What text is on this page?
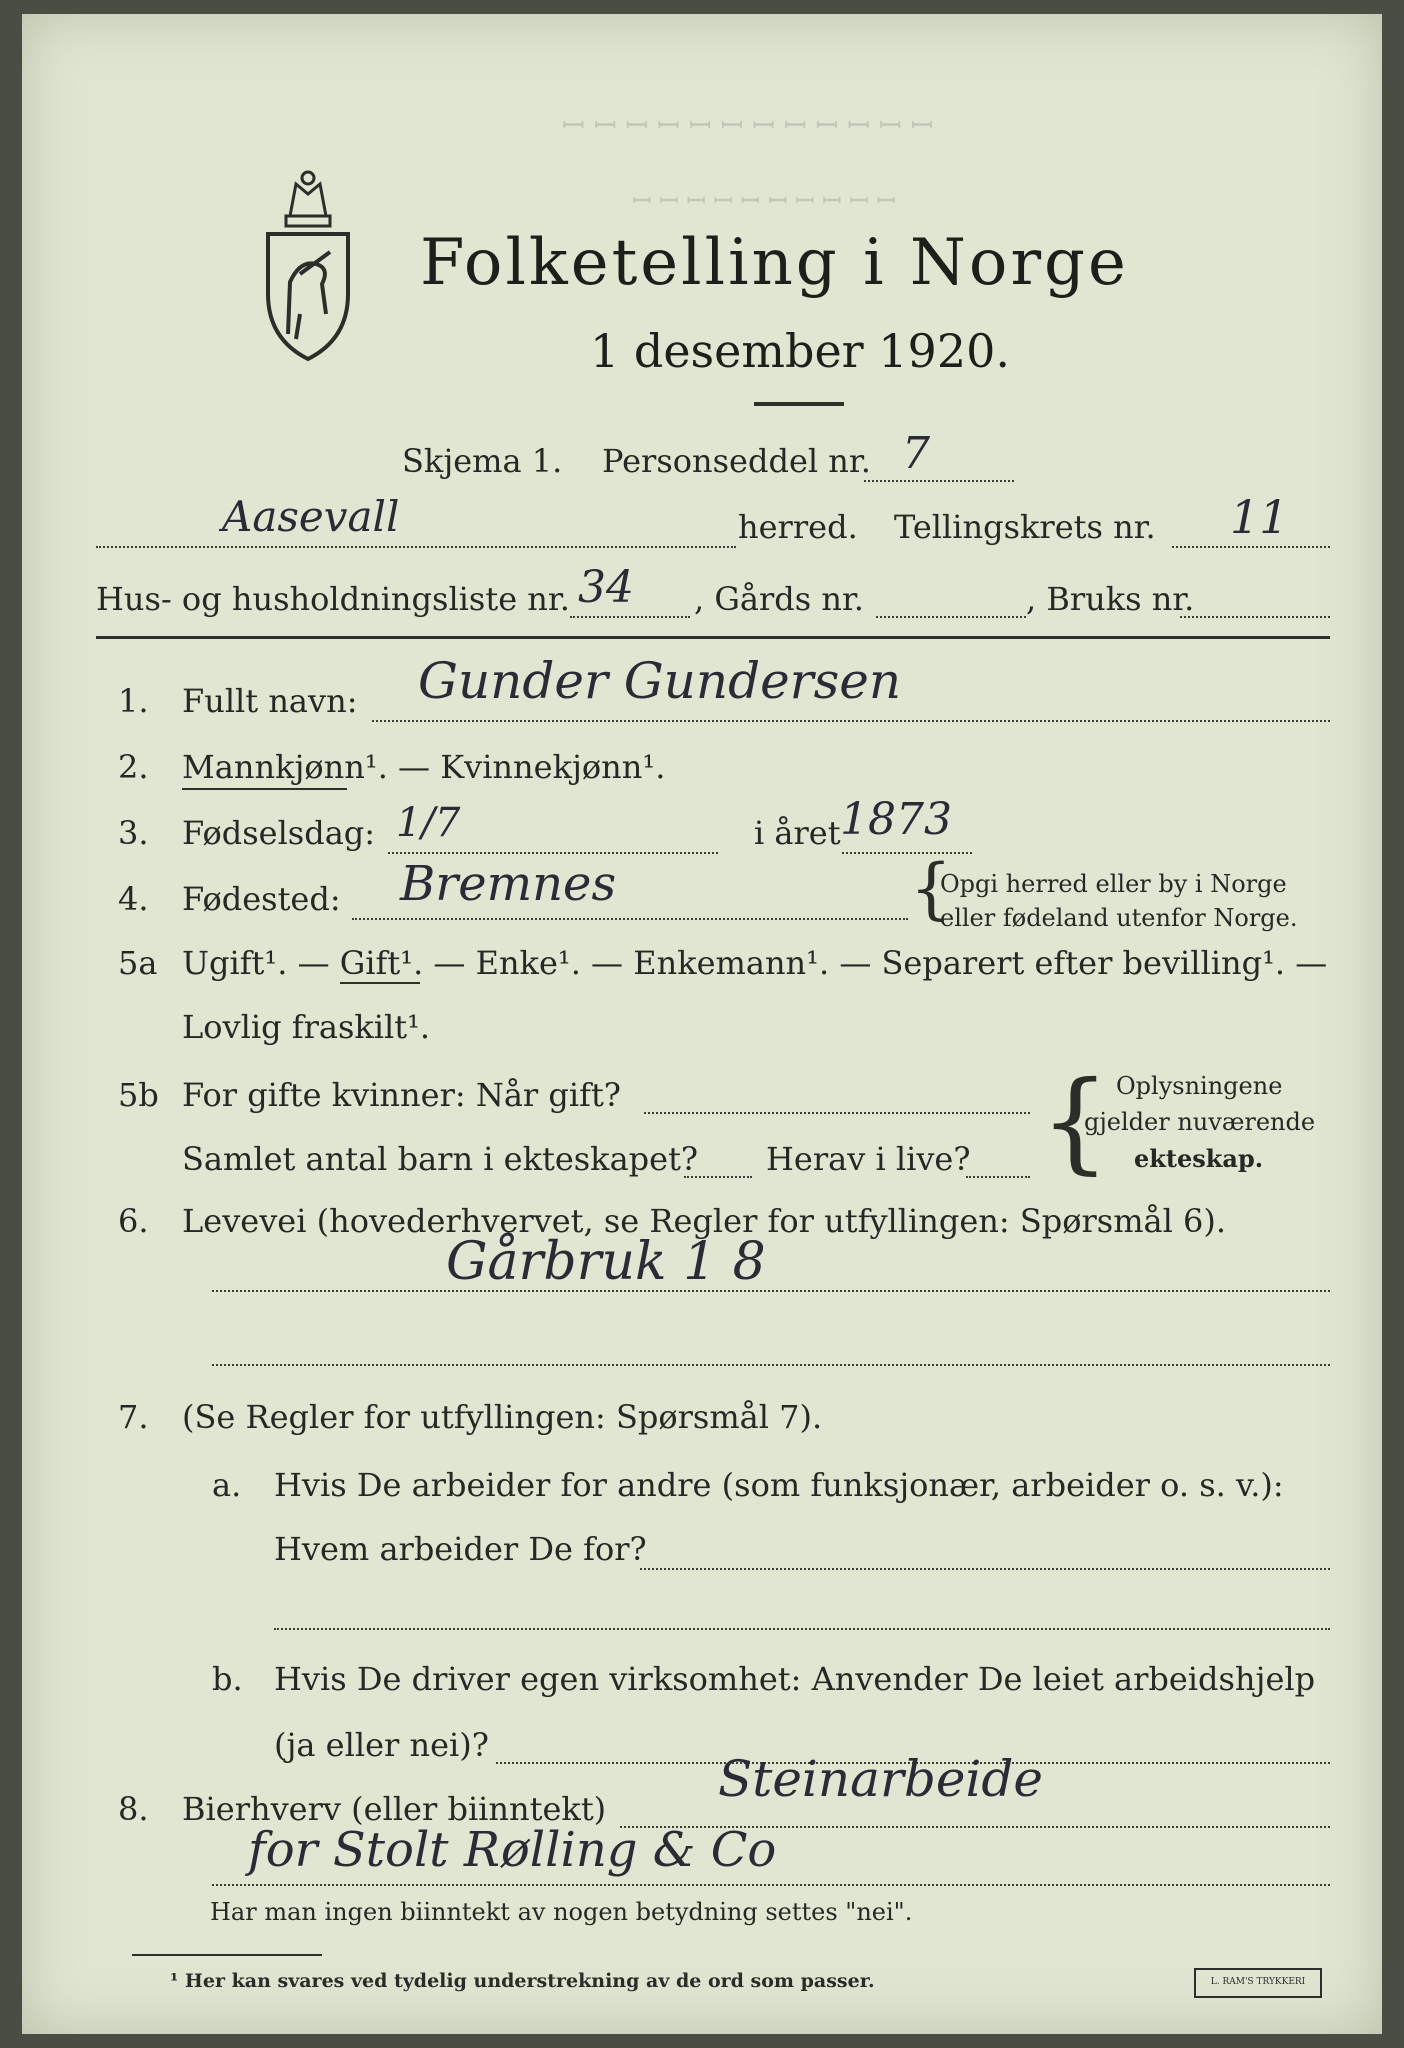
ꟷ ꟷ ꟷ ꟷ ꟷ ꟷ ꟷ ꟷ ꟷ ꟷ ꟷ ꟷ
ꟷ ꟷ ꟷ ꟷ ꟷ ꟷ ꟷ ꟷ ꟷ ꟷ
Folketelling i Norge
1 desember 1920.
Skjema 1. Personseddel nr. 7
Aasevall	herred. Tellingskrets nr. 11
Hus- og husholdningsliste nr. 34 , Gårds nr.	, Bruks nr.
1. Fullt navn: Gunder Gundersen
2. Mannkjønn¹. — Kvinnekjønn¹.
3. Fødselsdag: 1/7	i året 1873
4. Fødested: Bremnes	{
Opgi herred eller by i Norge
eller fødeland utenfor Norge.
5a Ugift¹. — Gift¹. — Enke¹. — Enkemann¹. — Separert efter bevilling¹. —
Lovlig fraskilt¹.
5b For gifte kvinner: Når gift?
Samlet antal barn i ekteskapet? Herav i live? { Oplysningene
gjelder nuværende
ekteskap.
6. Levevei (hovederhvervet, se Regler for utfyllingen: Spørsmål 6).
Gårbruk 1 8
7. (Se Regler for utfyllingen: Spørsmål 7).
a. Hvis De arbeider for andre (som funksjonær, arbeider o. s. v.):
Hvem arbeider De for?
b. Hvis De driver egen virksomhet: Anvender De leiet arbeidshjelp
(ja eller nei)?
8. Bierhverv (eller biinntekt)
Steinarbeide
for Stolt Rølling & Co
Har man ingen biinntekt av nogen betydning settes "nei".
¹ Her kan svares ved tydelig understrekning av de ord som passer.	L. RAM'S TRYKKERI
